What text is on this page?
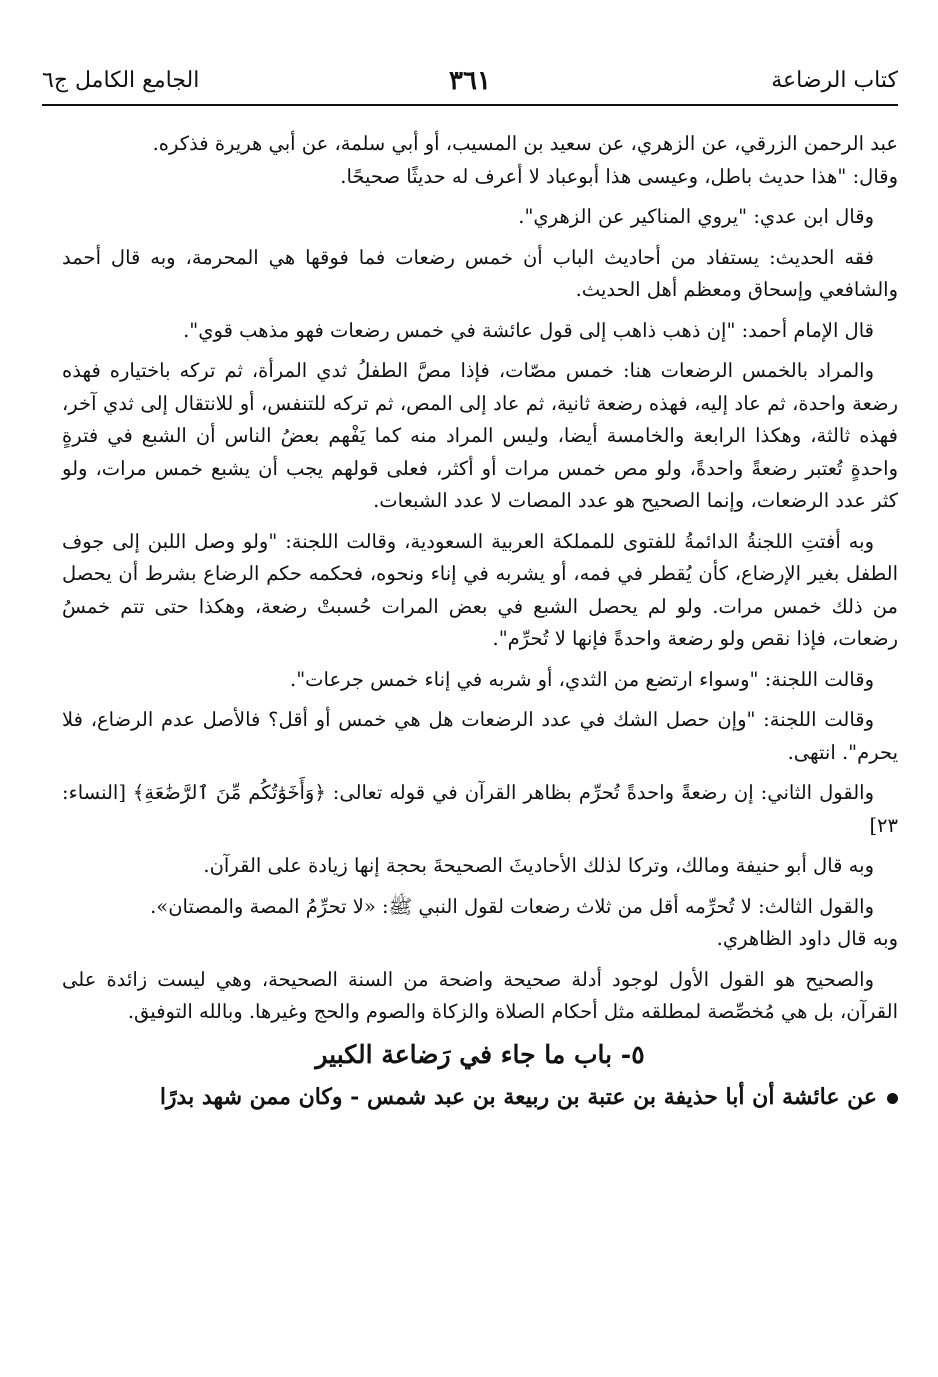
كتاب الرضاعة
٣٦١
الجامع الكامل ج٦

عبد الرحمن الزرقي، عن الزهري، عن سعيد بن المسيب، أو أبي سلمة، عن أبي هريرة فذكره.

وقال: "هذا حديث باطل، وعيسى هذا أبوعباد لا أعرف له حديثًا صحيحًا.

وقال ابن عدي: "يروي المناكير عن الزهري".

فقه الحديث: يستفاد من أحاديث الباب أن خمس رضعات فما فوقها هي المحرمة، وبه قال أحمد والشافعي وإسحاق ومعظم أهل الحديث.

قال الإمام أحمد: "إن ذهب ذاهب إلى قول عائشة في خمس رضعات فهو مذهب قوي".

والمراد بالخمس الرضعات هنا: خمس مصّات، فإذا مصَّ الطفلُ ثدي المرأة، ثم تركه باختياره فهذه رضعة واحدة، ثم عاد إليه، فهذه رضعة ثانية، ثم عاد إلى المص، ثم تركه للتنفس، أو للانتقال إلى ثدي آخر، فهذه ثالثة، وهكذا الرابعة والخامسة أيضا، وليس المراد منه كما يَفْهم بعضُ الناس أن الشبع في فترةٍ واحدةٍ تُعتبر رضعةً واحدةً، ولو مص خمس مرات أو أكثر، فعلى قولهم يجب أن يشبع خمس مرات، ولو كثر عدد الرضعات، وإنما الصحيح هو عدد المصات لا عدد الشبعات.

وبه أفتتِ اللجنةُ الدائمةُ للفتوى للمملكة العربية السعودية، وقالت اللجنة: "ولو وصل اللبن إلى جوف الطفل بغير الإرضاع، كأن يُقطر في فمه، أو يشربه في إناء ونحوه، فحكمه حكم الرضاع بشرط أن يحصل من ذلك خمس مرات. ولو لم يحصل الشبع في بعض المرات حُسبتْ رضعة، وهكذا حتى تتم خمسُ رضعات، فإذا نقص ولو رضعة واحدةً فإنها لا تُحرِّم".

وقالت اللجنة: "وسواء ارتضع من الثدي، أو شربه في إناء خمس جرعات".

وقالت اللجنة: "وإن حصل الشك في عدد الرضعات هل هي خمس أو أقل؟ فالأصل عدم الرضاع، فلا يحرم". انتهى.

والقول الثاني: إن رضعةً واحدةً تُحرِّم بظاهر القرآن في قوله تعالى: ﴿وَأَخَوَٰتُكُم مِّنَ ٱلرَّضَٰعَةِ﴾ [النساء: ٢٣]

وبه قال أبو حنيفة ومالك، وتركا لذلك الأحاديثَ الصحيحةَ بحجة إنها زيادة على القرآن.

والقول الثالث: لا تُحرِّمه أقل من ثلاث رضعات لقول النبي ﷺ: «لا تحرِّمُ المصة والمصتان».

وبه قال داود الظاهري.

والصحيح هو القول الأول لوجود أدلة صحيحة واضحة من السنة الصحيحة، وهي ليست زائدة على القرآن، بل هي مُخصِّصة لمطلقه مثل أحكام الصلاة والزكاة والصوم والحج وغيرها. وبالله التوفيق.

٥- باب ما جاء في رَضاعة الكبير
عن عائشة أن أبا حذيفة بن عتبة بن ربيعة بن عبد شمس - وكان ممن شهد بدرًا
